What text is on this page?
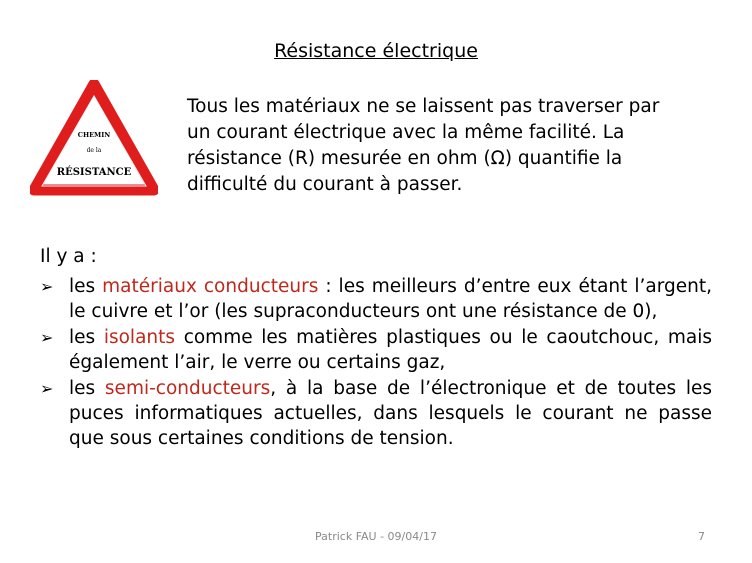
Résistance électrique
CHEMIN
de la
RÉSISTANCE
Tous les matériaux ne se laissent pas traverser par
un courant électrique avec la même facilité. La
résistance (R) mesurée en ohm (Ω) quantifie la
difficulté du courant à passer.
Il y a :
➢ les matériaux conducteurs : les meilleurs d’entre eux étant l’argent, le cuivre et l’or (les supraconducteurs ont une résistance de 0),
➢ les isolants comme les matières plastiques ou le caoutchouc, mais également l’air, le verre ou certains gaz,
➢ les semi-conducteurs, à la base de l’électronique et de toutes les puces informatiques actuelles, dans lesquels le courant ne passe que sous certaines conditions de tension.
Patrick FAU - 09/04/17	7
